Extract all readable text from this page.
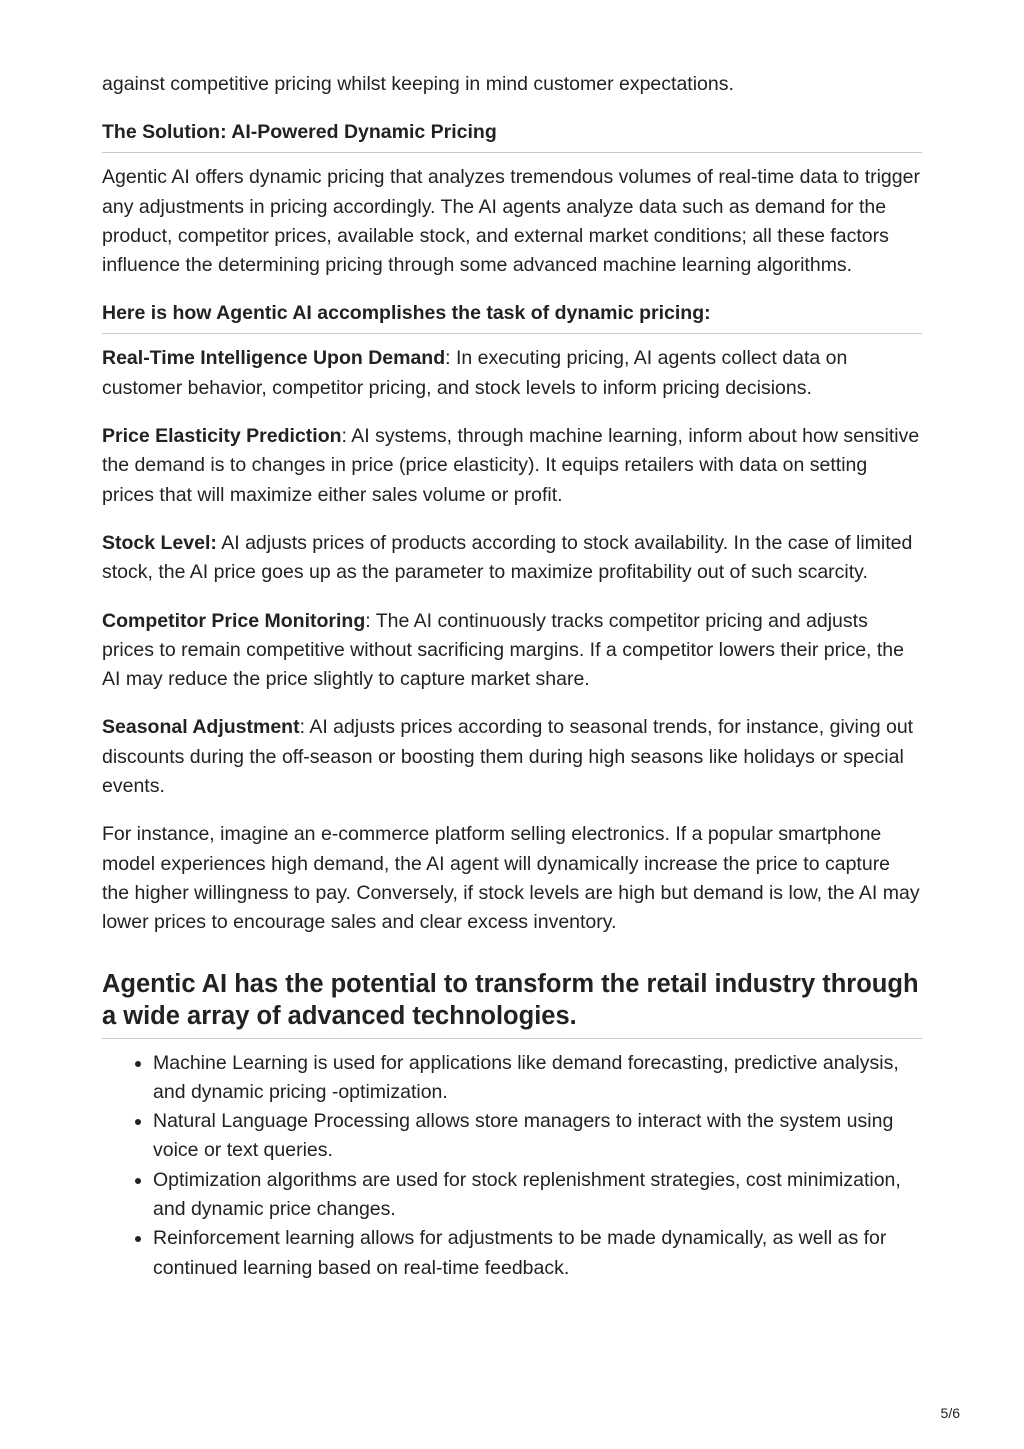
against competitive pricing whilst keeping in mind customer expectations.

The Solution: AI-Powered Dynamic Pricing

Agentic AI offers dynamic pricing that analyzes tremendous volumes of real-time data to trigger any adjustments in pricing accordingly. The AI agents analyze data such as demand for the product, competitor prices, available stock, and external market conditions; all these factors influence the determining pricing through some advanced machine learning algorithms.

Here is how Agentic AI accomplishes the task of dynamic pricing:

Real-Time Intelligence Upon Demand: In executing pricing, AI agents collect data on customer behavior, competitor pricing, and stock levels to inform pricing decisions.

Price Elasticity Prediction: AI systems, through machine learning, inform about how sensitive the demand is to changes in price (price elasticity). It equips retailers with data on setting prices that will maximize either sales volume or profit.

Stock Level: AI adjusts prices of products according to stock availability. In the case of limited stock, the AI price goes up as the parameter to maximize profitability out of such scarcity.

Competitor Price Monitoring: The AI continuously tracks competitor pricing and adjusts prices to remain competitive without sacrificing margins. If a competitor lowers their price, the AI may reduce the price slightly to capture market share.

Seasonal Adjustment: AI adjusts prices according to seasonal trends, for instance, giving out discounts during the off-season or boosting them during high seasons like holidays or special events.

For instance, imagine an e-commerce platform selling electronics. If a popular smartphone model experiences high demand, the AI agent will dynamically increase the price to capture the higher willingness to pay. Conversely, if stock levels are high but demand is low, the AI may lower prices to encourage sales and clear excess inventory.

Agentic AI has the potential to transform the retail industry through a wide array of advanced technologies.
• Machine Learning is used for applications like demand forecasting, predictive analysis, and dynamic pricing -optimization.
• Natural Language Processing allows store managers to interact with the system using voice or text queries.
• Optimization algorithms are used for stock replenishment strategies, cost minimization, and dynamic price changes.
• Reinforcement learning allows for adjustments to be made dynamically, as well as for continued learning based on real-time feedback.
5/6
